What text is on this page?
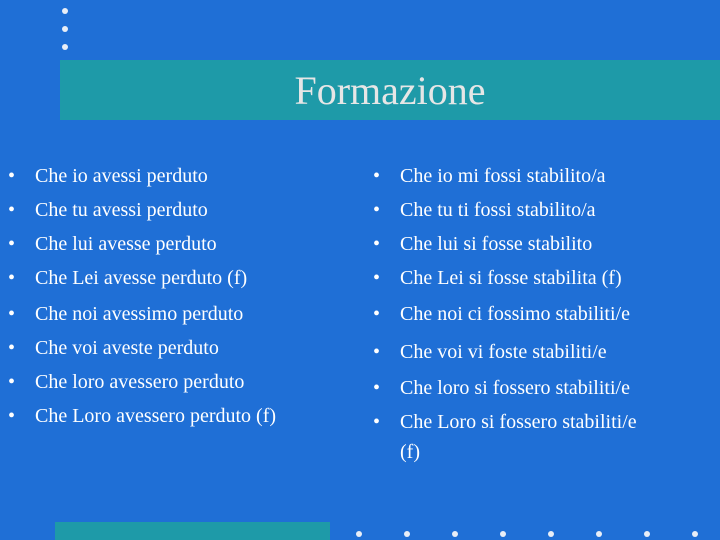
Formazione
• Che io avessi perduto
• Che tu avessi perduto
• Che lui avesse perduto
• Che Lei avesse perduto (f)
• Che noi avessimo perduto
• Che voi aveste perduto
• Che loro avessero perduto
• Che Loro avessero perduto (f)
• Che io mi fossi stabilito/a
• Che tu ti fossi stabilito/a
• Che lui si fosse stabilito
• Che Lei si fosse stabilita (f)
• Che noi ci fossimo stabiliti/e
• Che voi vi foste stabiliti/e
• Che loro si fossero stabiliti/e
• Che Loro si fossero stabiliti/e
(f)
